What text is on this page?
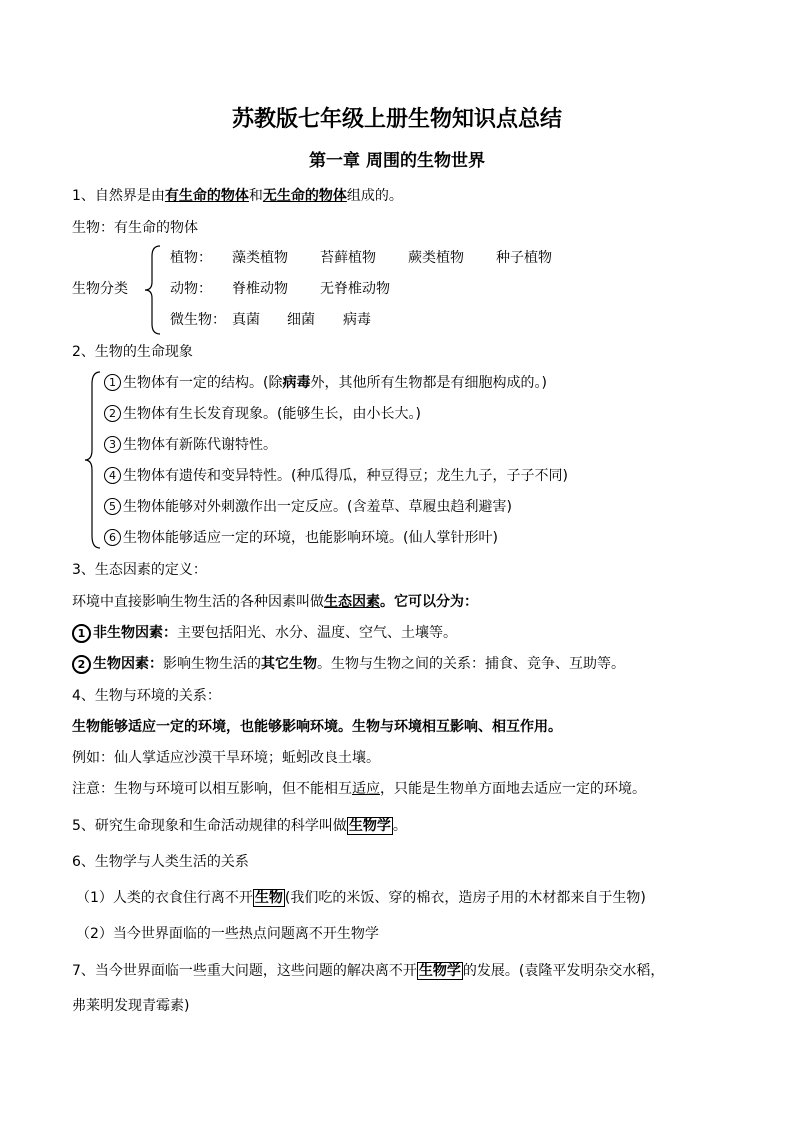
苏教版七年级上册生物知识点总结
第一章 周围的生物世界
1、自然界是由有生命的物体和无生命的物体组成的。
生物：有生命的物体
生物分类
植物： 藻类植物 苔藓植物 蕨类植物 种子植物
动物： 脊椎动物 无脊椎动物
微生物： 真菌 细菌 病毒
2、生物的生命现象
1 生物体有一定的结构。(除病毒外，其他所有生物都是有细胞构成的。)
2 生物体有生长发育现象。(能够生长，由小长大。)
3 生物体有新陈代谢特性。
4 生物体有遗传和变异特性。(种瓜得瓜，种豆得豆；龙生九子，子子不同)
5 生物体能够对外刺激作出一定反应。(含羞草、草履虫趋利避害)
6 生物体能够适应一定的环境，也能影响环境。(仙人掌针形叶)
3、生态因素的定义：
环境中直接影响生物生活的各种因素叫做生态因素。它可以分为：
1 非生物因素：主要包括阳光、水分、温度、空气、土壤等。
2 生物因素：影响生物生活的其它生物。生物与生物之间的关系：捕食、竞争、互助等。
4、生物与环境的关系：
生物能够适应一定的环境，也能够影响环境。生物与环境相互影响、相互作用。
例如：仙人掌适应沙漠干旱环境；蚯蚓改良土壤。
注意：生物与环境可以相互影响，但不能相互适应，只能是生物单方面地去适应一定的环境。
5、研究生命现象和生命活动规律的科学叫做 生物学 。
6、生物学与人类生活的关系
（1）人类的衣食住行离不开 生物 (我们吃的米饭、穿的棉衣，造房子用的木材都来自于生物)
（2）当今世界面临的一些热点问题离不开生物学
7、当今世界面临一些重大问题，这些问题的解决离不开 生物学 的发展。(袁隆平发明杂交水稻，
弗莱明发现青霉素)
